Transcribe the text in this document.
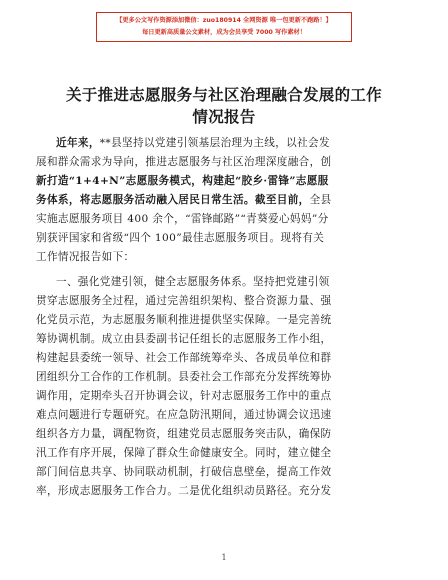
【更多公文写作资源添加微信：zuo180914 全网资源 唯一包更新不跑路！】
每日更新高质量公文素材，成为会员享受 7000 写作素材！
关于推进志愿服务与社区治理融合发展的工作
情况报告
近年来，**县坚持以党建引领基层治理为主线，以社会发
展和群众需求为导向，推进志愿服务与社区治理深度融合，创
新打造“1+4+N”志愿服务模式，构建起“胶乡·雷锋”志愿服
务体系，将志愿服务活动融入居民日常生活。截至目前，全县
实施志愿服务项目 400 余个，“雷锋邮路”“青葵爱心妈妈”分
别获评国家和省级“四个 100”最佳志愿服务项目。现将有关
工作情况报告如下：
一、强化党建引领，健全志愿服务体系。坚持把党建引领
贯穿志愿服务全过程，通过完善组织架构、整合资源力量、强
化党员示范，为志愿服务顺利推进提供坚实保障。一是完善统
筹协调机制。成立由县委副书记任组长的志愿服务工作小组，
构建起县委统一领导、社会工作部统筹牵头、各成员单位和群
团组织分工合作的工作机制。县委社会工作部充分发挥统筹协
调作用，定期牵头召开协调会议，针对志愿服务工作中的重点
难点问题进行专题研究。在应急防汛期间，通过协调会议迅速
组织各方力量，调配物资，组建党员志愿服务突击队，确保防
汛工作有序开展，保障了群众生命健康安全。同时，建立健全
部门间信息共享、协同联动机制，打破信息壁垒，提高工作效
率，形成志愿服务工作合力。二是优化组织动员路径。充分发
1
